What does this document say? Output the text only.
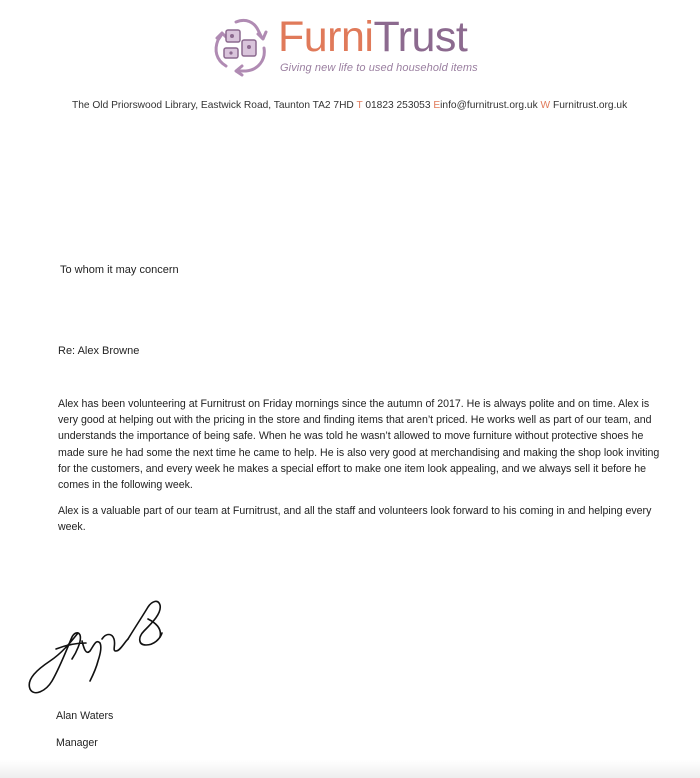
FurniTrust
Giving new life to used household items
The Old Priorswood Library, Eastwick Road, Taunton TA2 7HD T 01823 253053 Einfo@furnitrust.org.uk W Furnitrust.org.uk
To whom it may concern
Re: Alex Browne
Alex has been volunteering at Furnitrust on Friday mornings since the autumn of 2017. He is always polite and on time. Alex is very good at helping out with the pricing in the store and finding items that aren’t priced. He works well as part of our team, and understands the importance of being safe. When he was told he wasn’t allowed to move furniture without protective shoes he made sure he had some the next time he came to help. He is also very good at merchandising and making the shop look inviting for the customers, and every week he makes a special effort to make one item look appealing, and we always sell it before he comes in the following week.
Alex is a valuable part of our team at Furnitrust, and all the staff and volunteers look forward to his coming in and helping every week.
Alan Waters
Manager
